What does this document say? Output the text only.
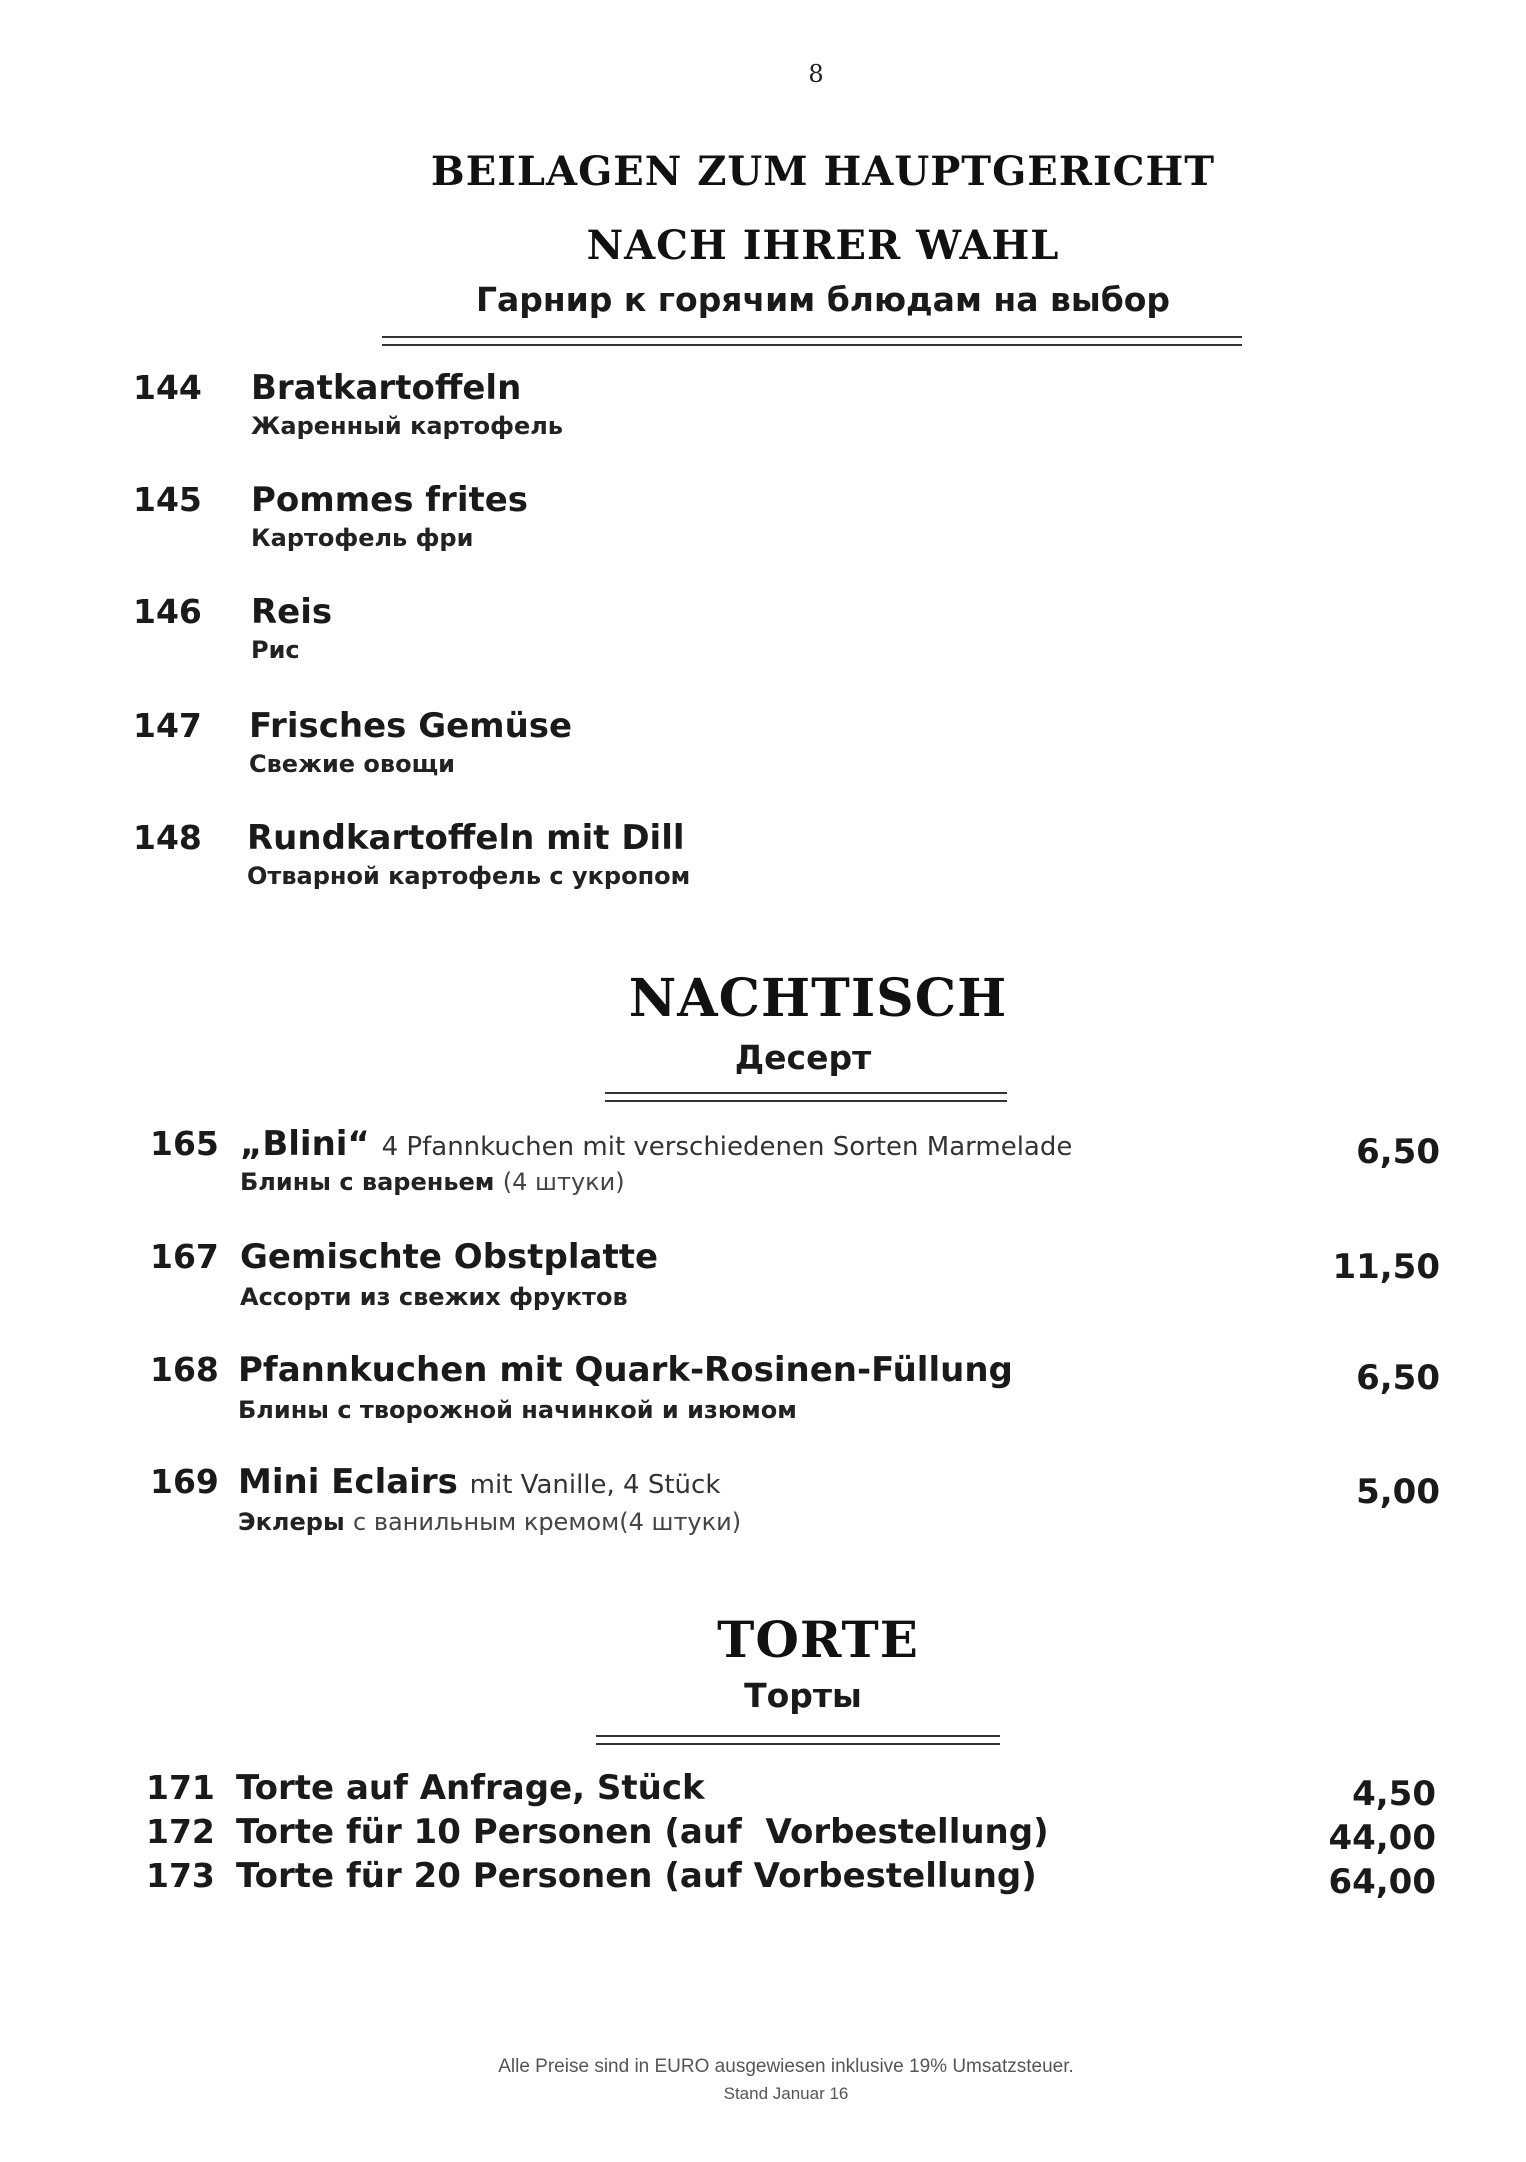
8
BEILAGEN ZUM HAUPTGERICHT
NACH IHRER WAHL
Гарнир к горячим блюдам на выбор
144 Bratkartoffeln
Жаренный картофель
145 Pommes frites
Картофель фри
146 Reis
Рис
147 Frisches Gemüse
Свежие овощи
148 Rundkartoffeln mit Dill
Отварной картофель с укропом
NACHTISCH
Десерт
165 „Blini“ 4 Pfannkuchen mit verschiedenen Sorten Marmelade
Блины с вареньем (4 штуки)
6,50
167 Gemischte Obstplatte
Ассорти из свежих фруктов
11,50
168 Pfannkuchen mit Quark-Rosinen-Füllung
Блины с творожной начинкой и изюмом
6,50
169 Mini Eclairs mit Vanille, 4 Stück
Эклеры с ванильным кремом(4 штуки)
5,00
TORTE
Торты
171 Torte auf Anfrage, Stück	4,50
172 Torte für 10 Personen (auf  Vorbestellung)	44,00
173 Torte für 20 Personen (auf Vorbestellung)	64,00
Alle Preise sind in EURO ausgewiesen inklusive 19% Umsatzsteuer.
Stand Januar 16
